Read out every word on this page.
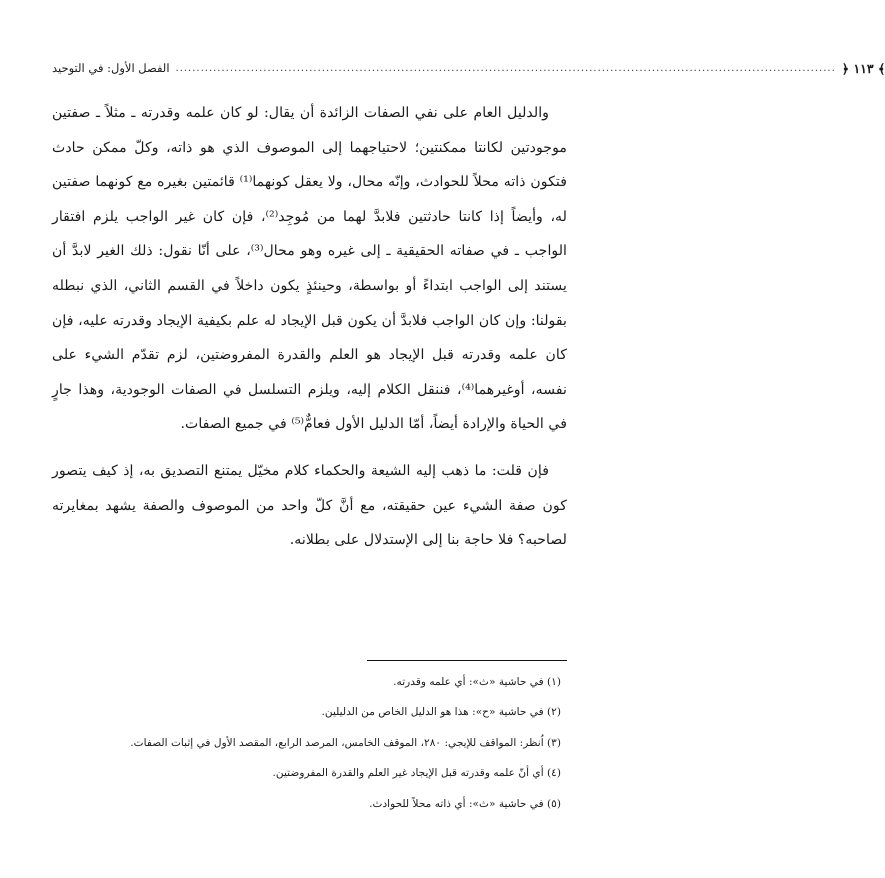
الفصل الأول: في التوحيد .............................................................................................................................................................. ﴾ ١١٣ ﴿

والدليل العام على نفي الصفات الزائدة أن يقال: لو كان علمه وقدرته ـ مثلاً ـ صفتين موجودتين لكانتا ممكنتين؛ لاحتياجهما إلى الموصوف الذي هو ذاته، وكلّ ممكن حادث فتكون ذاته محلاً للحوادث، وإنّه محال، ولا يعقل كونهما⁽¹⁾ قائمتين بغيره مع كونهما صفتين له، وأيضاً إذا كانتا حادثتين فلابدَّ لهما من مُوجِد⁽²⁾، فإن كان غير الواجب يلزم افتقار الواجب ـ في صفاته الحقيقية ـ إلى غيره وهو محال⁽³⁾، على أنّا نقول: ذلك الغير لابدَّ أن يستند إلى الواجب ابتداءً أو بواسطة، وحينئذٍ يكون داخلاً في القسم الثاني، الذي نبطله بقولنا: وإن كان الواجب فلابدَّ أن يكون قبل الإيجاد له علم بكيفية الإيجاد وقدرته عليه، فإن كان علمه وقدرته قبل الإيجاد هو العلم والقدرة المفروضتين، لزم تقدّم الشيء على نفسه، أوغيرهما⁽⁴⁾، فننقل الكلام إليه، ويلزم التسلسل في الصفات الوجودية، وهذا جارٍ في الحياة والإرادة أيضاً، أمّا الدليل الأول فعامٌّ⁽⁵⁾ في جميع الصفات.

فإن قلت: ما ذهب إليه الشيعة والحكماء كلام مخيّل يمتنع التصديق به، إذ كيف يتصور كون صفة الشيء عين حقيقته، مع أنَّ كلّ واحد من الموصوف والصفة يشهد بمغايرته لصاحبه؟ فلا حاجة بنا إلى الإستدلال على بطلانه.

(١) في حاشية «ث»: أي علمه وقدرته.

(٢) في حاشية «ح»: هذا هو الدليل الخاص من الدليلين.

(٣) اُنظر: المواقف للإيجي: ٢٨٠، الموقف الخامس، المرصد الرابع، المقصد الأول في إثبات الصفات.

(٤) أي أنّ علمه وقدرته قبل الإيجاد غير العلم والقدرة المفروضتين.

(٥) في حاشية «ث»: أي ذاته محلاً للحوادث.
